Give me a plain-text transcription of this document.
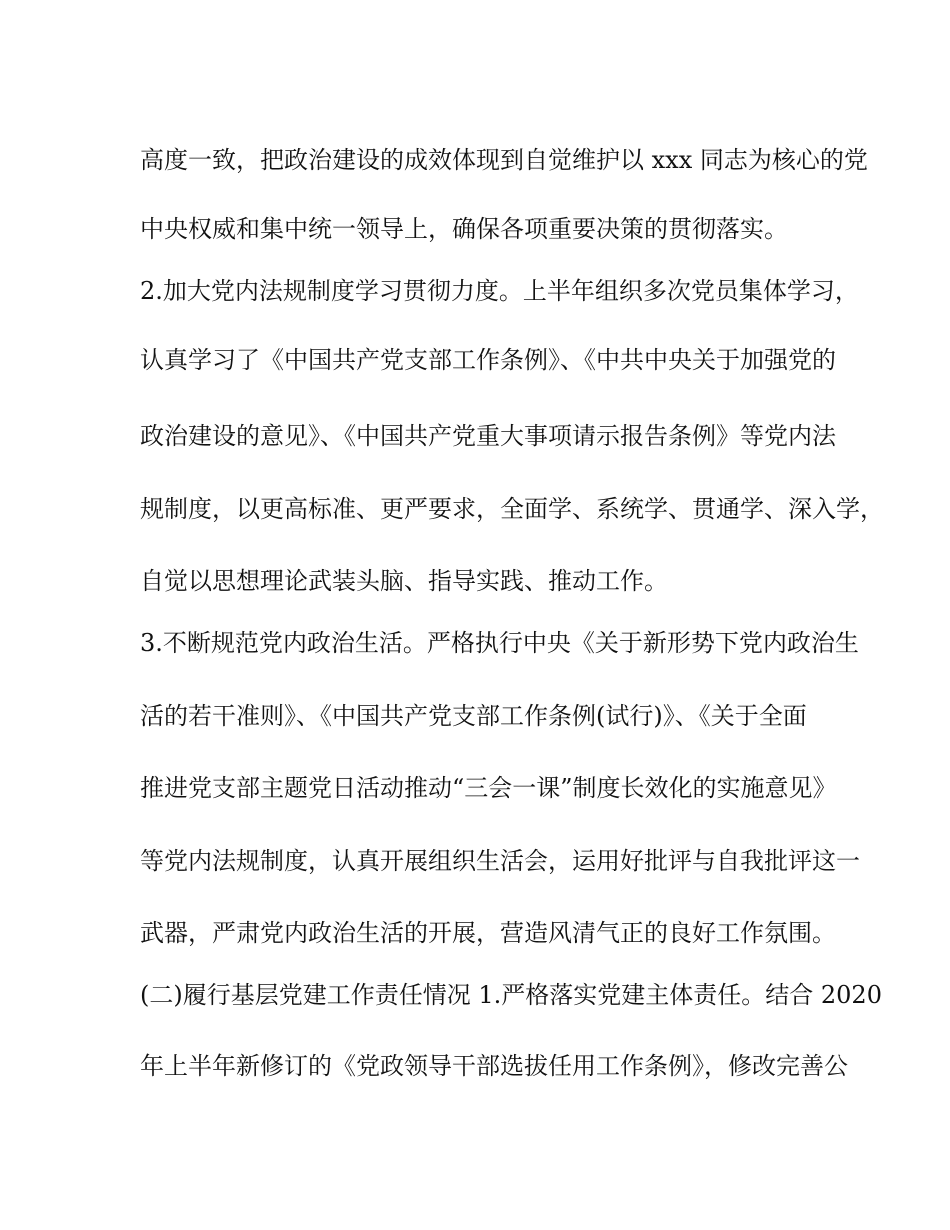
高度一致，把政治建设的成效体现到自觉维护以 xxx 同志为核心的党
中央权威和集中统一领导上，确保各项重要决策的贯彻落实。
2.加大党内法规制度学习贯彻力度。上半年组织多次党员集体学习，
认真学习了《中国共产党支部工作条例》、《中共中央关于加强党的
政治建设的意见》、《中国共产党重大事项请示报告条例》等党内法
规制度，以更高标准、更严要求，全面学、系统学、贯通学、深入学，
自觉以思想理论武装头脑、指导实践、推动工作。
3.不断规范党内政治生活。严格执行中央《关于新形势下党内政治生
活的若干准则》、《中国共产党支部工作条例(试行)》、《关于全面
推进党支部主题党日活动推动“三会一课”制度长效化的实施意见》
等党内法规制度，认真开展组织生活会，运用好批评与自我批评这一
武器，严肃党内政治生活的开展，营造风清气正的良好工作氛围。
(二)履行基层党建工作责任情况 1.严格落实党建主体责任。结合 2020
年上半年新修订的《党政领导干部选拔任用工作条例》，修改完善公
